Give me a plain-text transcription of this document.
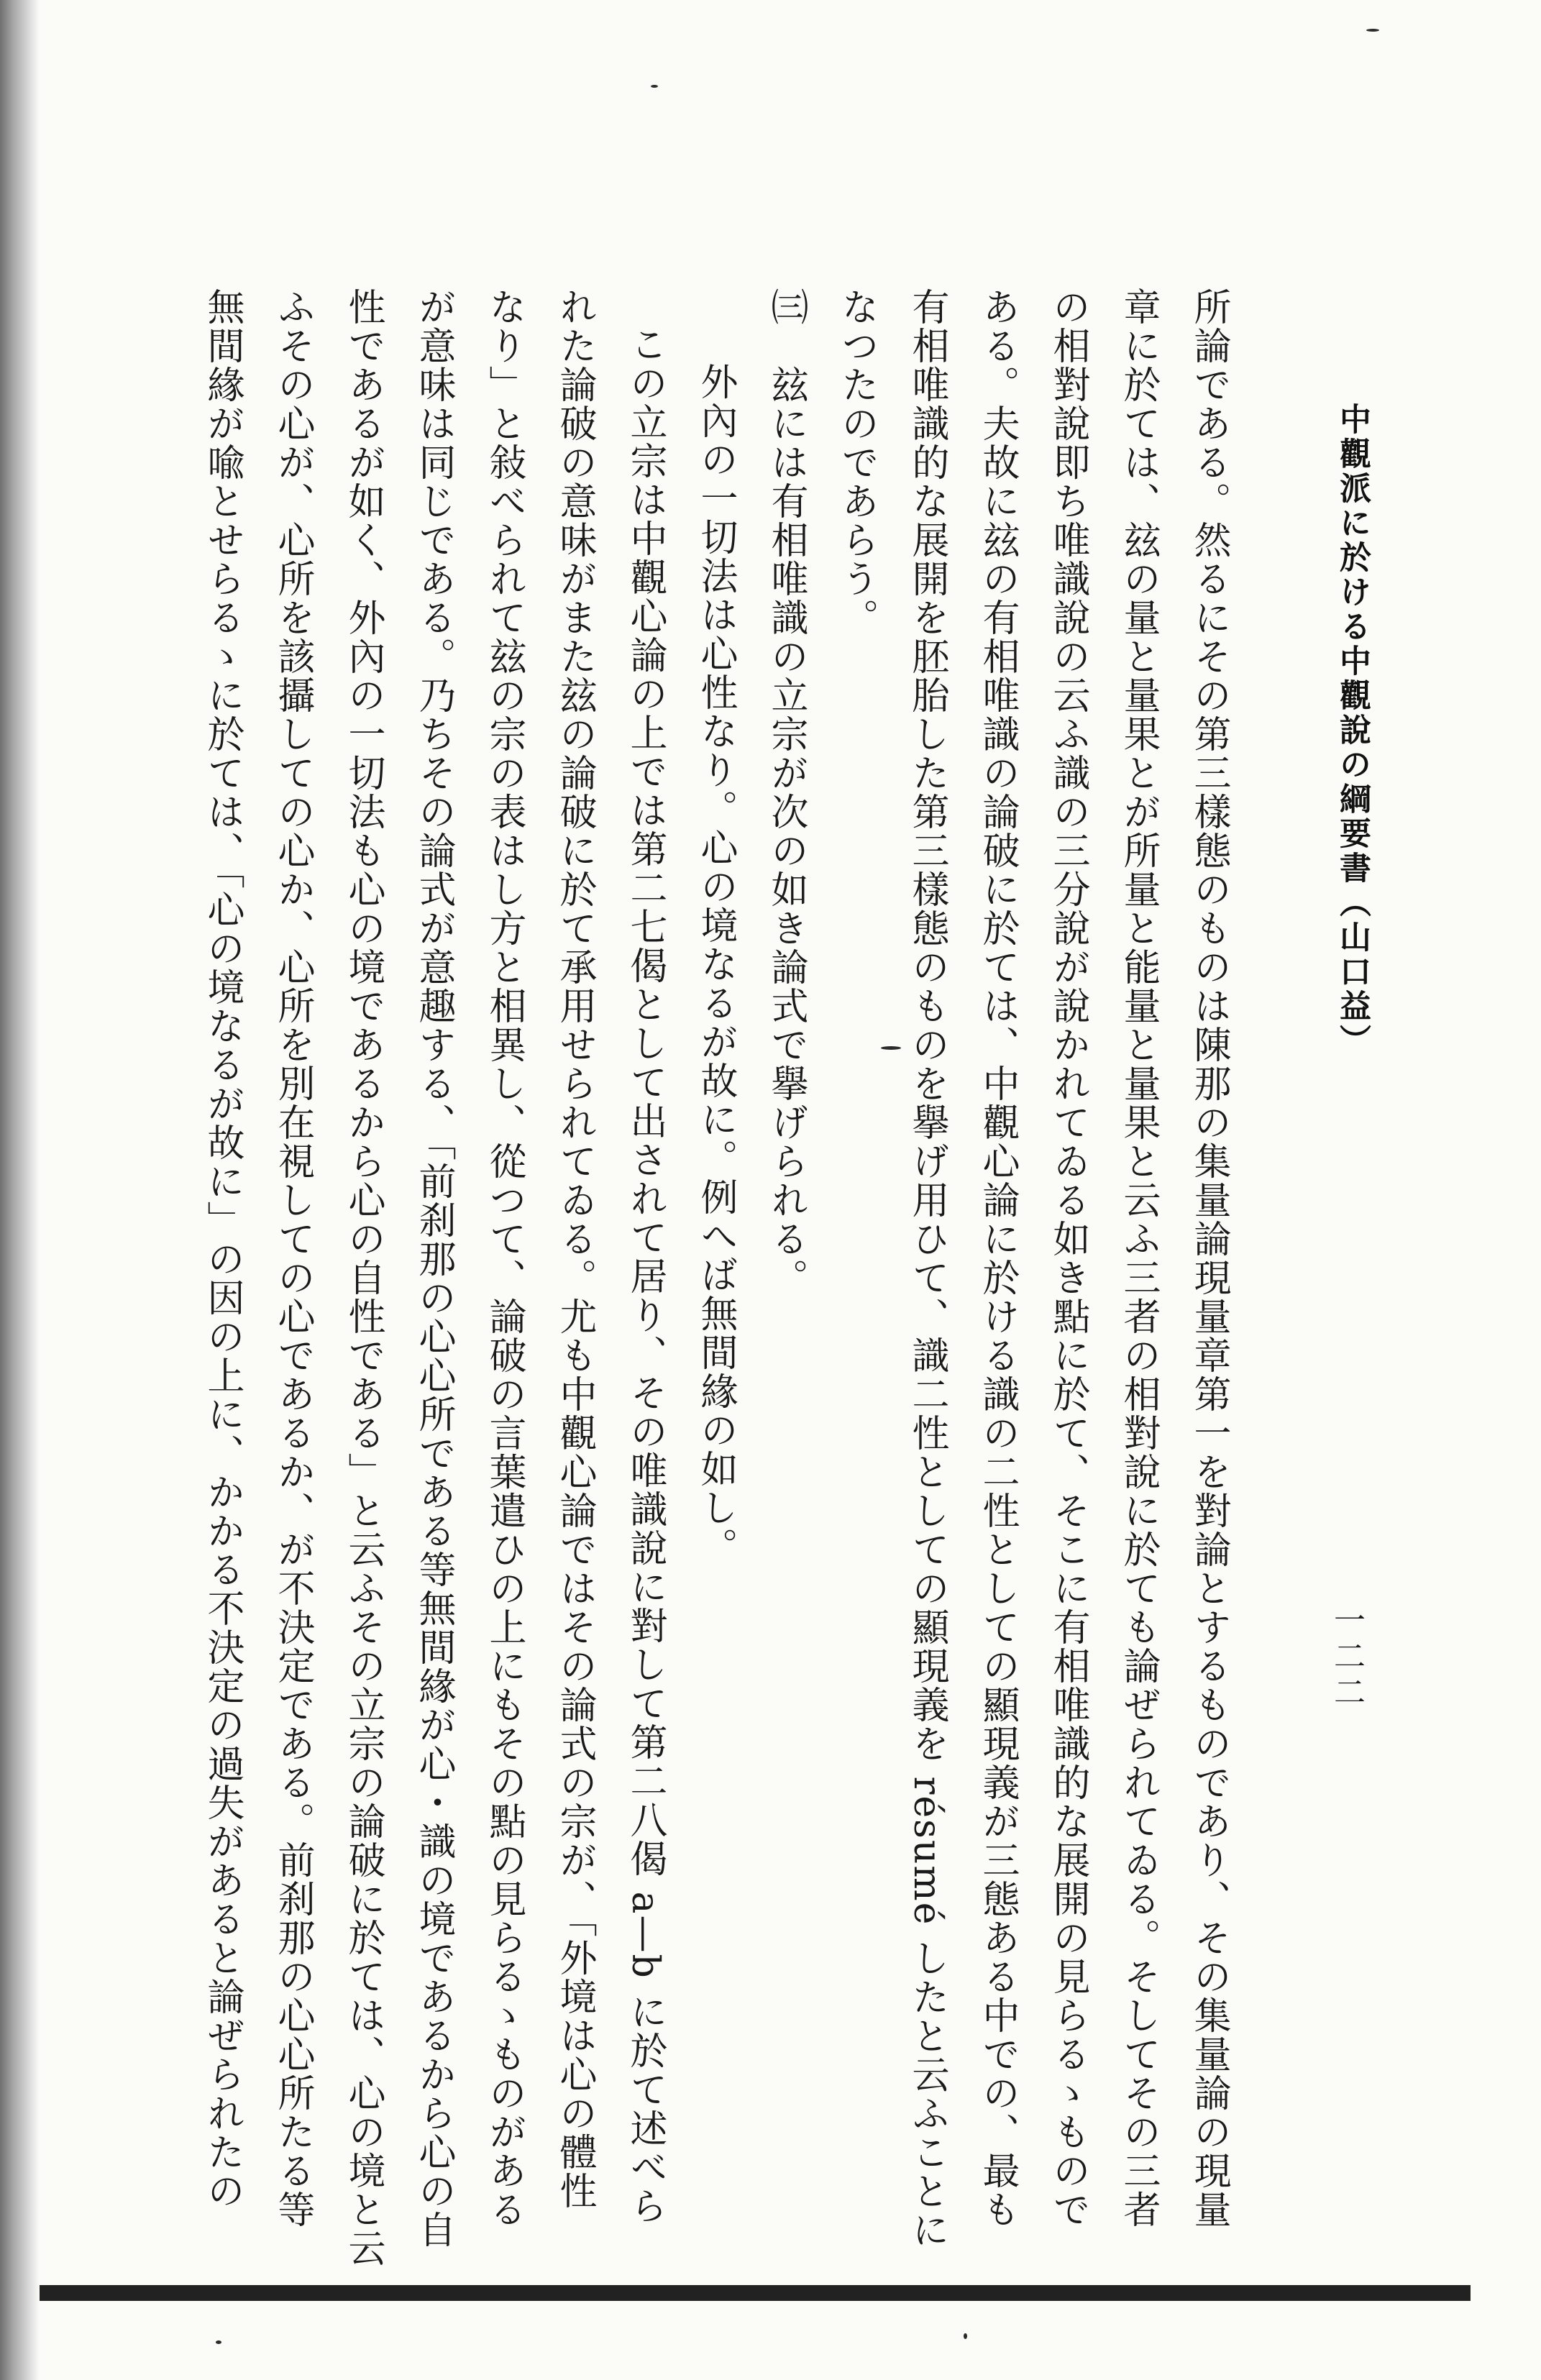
一二二
中觀派に於ける中觀說の綱要書（山口益）
所論である。然るにその第三樣態のものは陳那の集量論現量章第一を對論とするものであり、その集量論の現量
章に於ては、玆の量と量果とが所量と能量と量果と云ふ三者の相對說に於ても論ぜられてゐる。そしてその三者
の相對說即ち唯識說の云ふ識の三分說が說かれてゐる如き點に於て、そこに有相唯識的な展開の見らるゝもので
ある。夫故に玆の有相唯識の論破に於ては、中觀心論に於ける識の二性としての顯現義が三態ある中での、最も
有相唯識的な展開を胚胎した第三樣態のものを擧げ用ひて、識二性としての顯現義を résumé したと云ふことに
なつたのであらう。
㈢　玆には有相唯識の立宗が次の如き論式で擧げられる。
外內の一切法は心性なり。心の境なるが故に。例へば無間緣の如し。
この立宗は中觀心論の上では第二七偈として出されて居り、その唯識說に對して第二八偈 a—b に於て述べら
れた論破の意味がまた玆の論破に於て承用せられてゐる。尤も中觀心論ではその論式の宗が、「外境は心の體性
なり」と敍べられて玆の宗の表はし方と相異し、從つて、論破の言葉遣ひの上にもその點の見らるゝものがある
が意味は同じである。乃ちその論式が意趣する、「前刹那の心心所である等無間緣が心・識の境であるから心の自
性であるが如く、外內の一切法も心の境であるから心の自性である」と云ふその立宗の論破に於ては、心の境と云
ふその心が、心所を該攝しての心か、心所を別在視しての心であるか、が不決定である。前刹那の心心所たる等
無間緣が喩とせらるゝに於ては、「心の境なるが故に」の因の上に、かかる不決定の過失があると論ぜられたの
